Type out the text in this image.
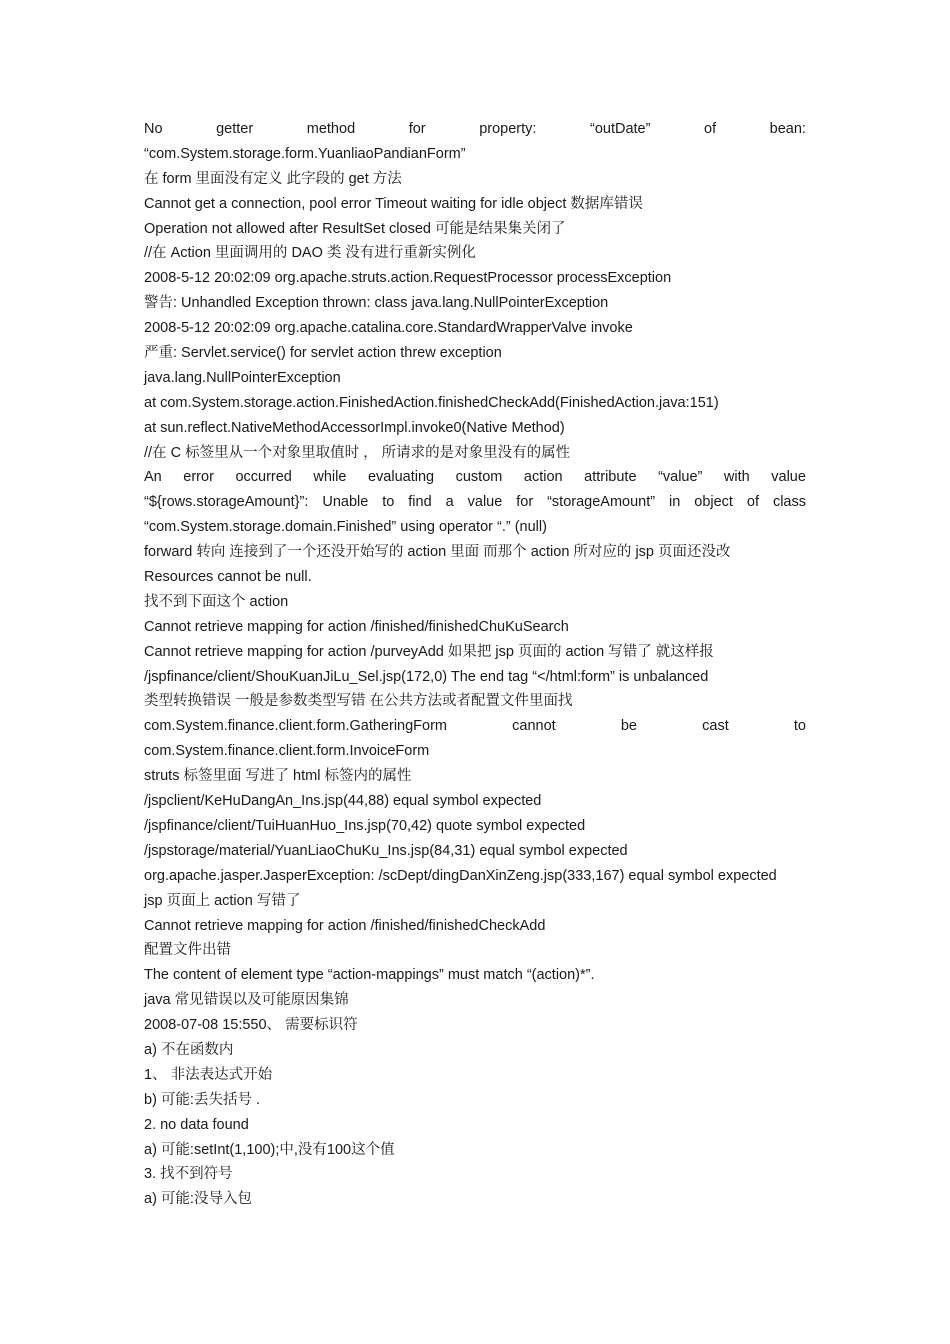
No	getter	method	for	property:	“outDate”	of	bean:
“com.System.storage.form.YuanliaoPandianForm”
在 form 里面没有定义 此字段的 get 方法
Cannot get a connection, pool error Timeout waiting for idle object 数据库错误
Operation not allowed after ResultSet closed 可能是结果集关闭了
//在 Action 里面调用的 DAO 类 没有进行重新实例化
2008-5-12 20:02:09 org.apache.struts.action.RequestProcessor processException
警告: Unhandled Exception thrown: class java.lang.NullPointerException
2008-5-12 20:02:09 org.apache.catalina.core.StandardWrapperValve invoke
严重: Servlet.service() for servlet action threw exception
java.lang.NullPointerException
at com.System.storage.action.FinishedAction.finishedCheckAdd(FinishedAction.java:151)
at sun.reflect.NativeMethodAccessorImpl.invoke0(Native Method)
//在 C 标签里从一个对象里取值时 ， 所请求的是对象里没有的属性
An error occurred while evaluating custom action attribute “value” with value
“${rows.storageAmount}”: Unable to find a value for “storageAmount” in object of class
“com.System.storage.domain.Finished” using operator “.” (null)
forward 转向 连接到了一个还没开始写的 action 里面 而那个 action 所对应的 jsp 页面还没改
Resources cannot be null.
找不到下面这个 action
Cannot retrieve mapping for action /finished/finishedChuKuSearch
Cannot retrieve mapping for action /purveyAdd 如果把 jsp 页面的 action 写错了 就这样报
/jspfinance/client/ShouKuanJiLu_Sel.jsp(172,0) The end tag “</html:form” is unbalanced
类型转换错误 一般是参数类型写错 在公共方法或者配置文件里面找
com.System.finance.client.form.GatheringForm	cannot	be	cast	to
com.System.finance.client.form.InvoiceForm
struts 标签里面 写进了 html 标签内的属性
/jspclient/KeHuDangAn_Ins.jsp(44,88) equal symbol expected
/jspfinance/client/TuiHuanHuo_Ins.jsp(70,42) quote symbol expected
/jspstorage/material/YuanLiaoChuKu_Ins.jsp(84,31) equal symbol expected
org.apache.jasper.JasperException: /scDept/dingDanXinZeng.jsp(333,167) equal symbol expected
jsp 页面上 action 写错了
Cannot retrieve mapping for action /finished/finishedCheckAdd
配置文件出错
The content of element type “action-mappings” must match “(action)*”.
java 常见错误以及可能原因集锦
2008-07-08 15:550、 需要标识符
a) 不在函数内
1、 非法表达式开始
b) 可能:丢失括号 .
2. no data found
a) 可能:setInt(1,100);中,没有100这个值
3. 找不到符号
a) 可能:没导入包
